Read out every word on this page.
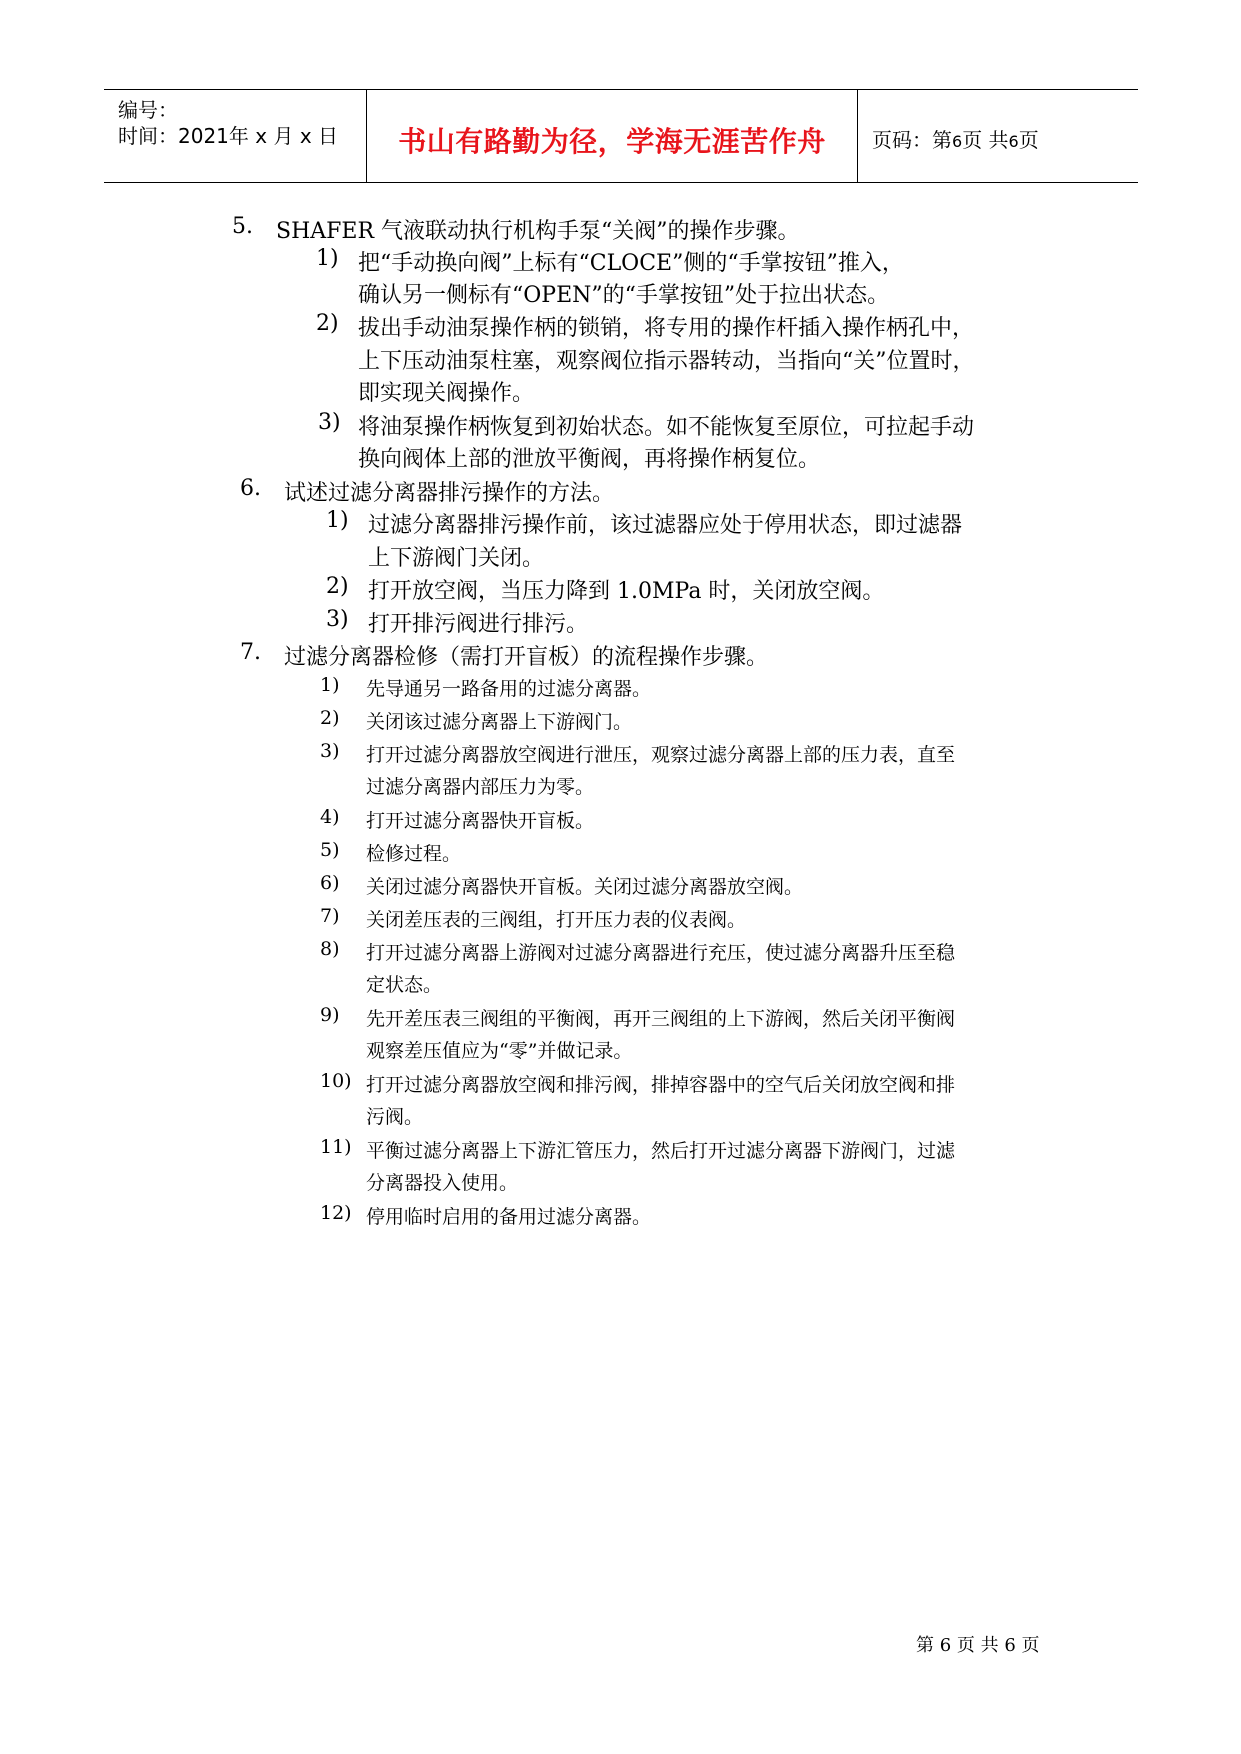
编号：
时间：2021年 x 月 x 日	书山有路勤为径，学海无涯苦作舟	页码：第6页 共6页
5. SHAFER 气液联动执行机构手泵“关阀”的操作步骤。
1) 把“手动换向阀”上标有“CLOCE”侧的“手掌按钮”推入，
确认另一侧标有“OPEN”的“手掌按钮”处于拉出状态。
2) 拔出手动油泵操作柄的锁销，将专用的操作杆插入操作柄孔中，
上下压动油泵柱塞，观察阀位指示器转动，当指向“关”位置时，
即实现关阀操作。
3) 将油泵操作柄恢复到初始状态。如不能恢复至原位，可拉起手动
换向阀体上部的泄放平衡阀，再将操作柄复位。
6. 试述过滤分离器排污操作的方法。
1) 过滤分离器排污操作前，该过滤器应处于停用状态，即过滤器
上下游阀门关闭。
2) 打开放空阀，当压力降到 1.0MPa 时，关闭放空阀。
3) 打开排污阀进行排污。
7. 过滤分离器检修（需打开盲板）的流程操作步骤。
1) 先导通另一路备用的过滤分离器。
2) 关闭该过滤分离器上下游阀门。
3) 打开过滤分离器放空阀进行泄压，观察过滤分离器上部的压力表，直至
过滤分离器内部压力为零。
4) 打开过滤分离器快开盲板。
5) 检修过程。
6) 关闭过滤分离器快开盲板。关闭过滤分离器放空阀。
7) 关闭差压表的三阀组，打开压力表的仪表阀。
8) 打开过滤分离器上游阀对过滤分离器进行充压，使过滤分离器升压至稳
定状态。
9) 先开差压表三阀组的平衡阀，再开三阀组的上下游阀，然后关闭平衡阀
观察差压值应为“零”并做记录。
10) 打开过滤分离器放空阀和排污阀，排掉容器中的空气后关闭放空阀和排
污阀。
11) 平衡过滤分离器上下游汇管压力，然后打开过滤分离器下游阀门，过滤
分离器投入使用。
12) 停用临时启用的备用过滤分离器。
第 6 页 共 6 页
